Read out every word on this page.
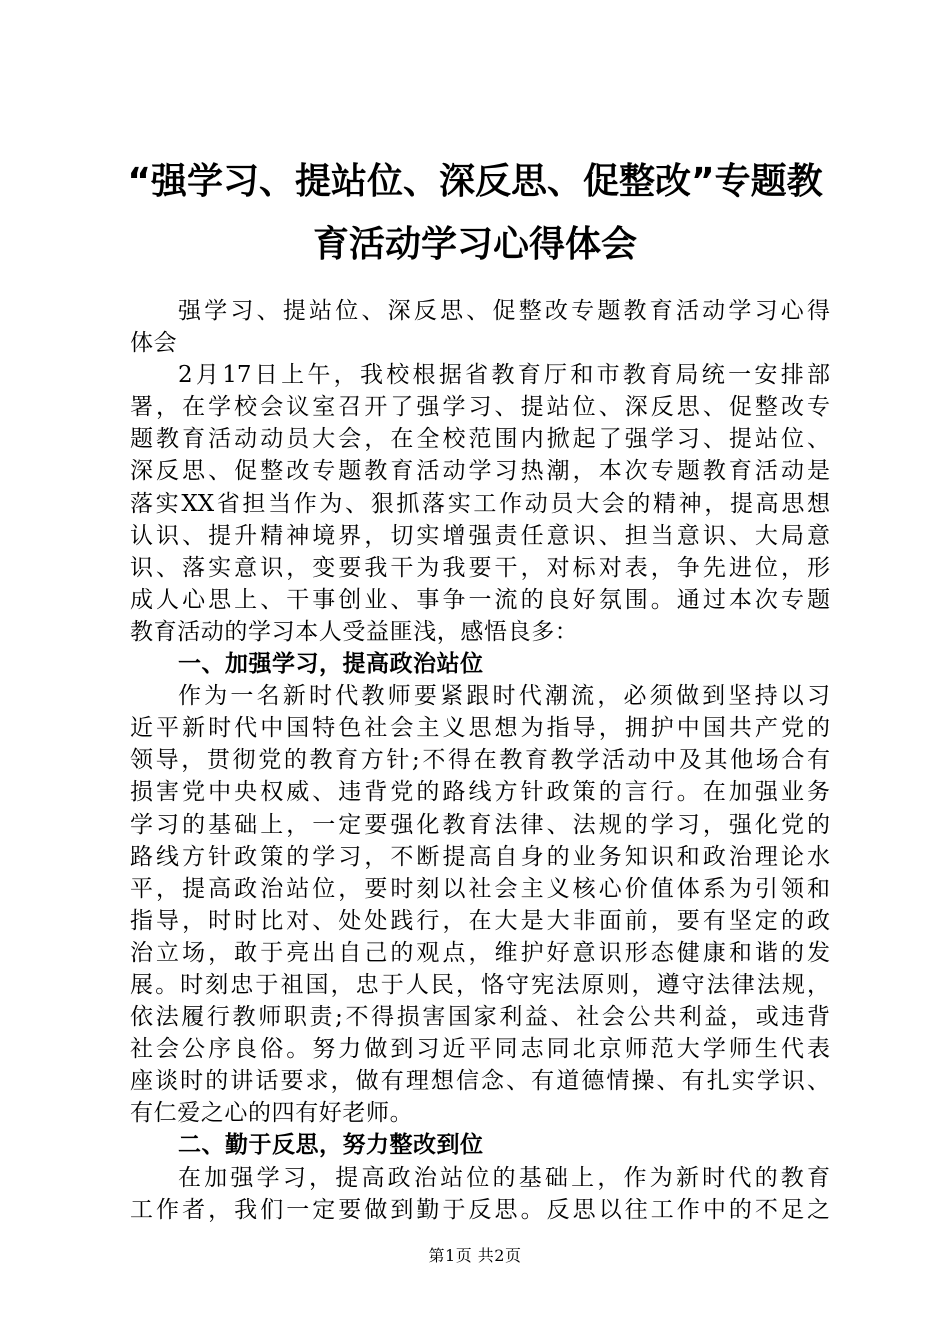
“强学习、提站位、深反思、促整改”专题教
育活动学习心得体会
强学习、提站位、深反思、促整改专题教育活动学习心得
体会
2月17日上午，我校根据省教育厅和市教育局统一安排部
署，在学校会议室召开了强学习、提站位、深反思、促整改专
题教育活动动员大会，在全校范围内掀起了强学习、提站位、
深反思、促整改专题教育活动学习热潮，本次专题教育活动是
落实XX省担当作为、狠抓落实工作动员大会的精神，提高思想
认识、提升精神境界，切实增强责任意识、担当意识、大局意
识、落实意识，变要我干为我要干，对标对表，争先进位，形
成人心思上、干事创业、事争一流的良好氛围。通过本次专题
教育活动的学习本人受益匪浅，感悟良多：
一、加强学习，提高政治站位
作为一名新时代教师要紧跟时代潮流，必须做到坚持以习
近平新时代中国特色社会主义思想为指导，拥护中国共产党的
领导，贯彻党的教育方针;不得在教育教学活动中及其他场合有
损害党中央权威、违背党的路线方针政策的言行。在加强业务
学习的基础上，一定要强化教育法律、法规的学习，强化党的
路线方针政策的学习，不断提高自身的业务知识和政治理论水
平，提高政治站位，要时刻以社会主义核心价值体系为引领和
指导，时时比对、处处践行，在大是大非面前，要有坚定的政
治立场，敢于亮出自己的观点，维护好意识形态健康和谐的发
展。时刻忠于祖国，忠于人民，恪守宪法原则，遵守法律法规，
依法履行教师职责;不得损害国家利益、社会公共利益，或违背
社会公序良俗。努力做到习近平同志同北京师范大学师生代表
座谈时的讲话要求，做有理想信念、有道德情操、有扎实学识、
有仁爱之心的四有好老师。
二、勤于反思，努力整改到位
在加强学习，提高政治站位的基础上，作为新时代的教育
工作者，我们一定要做到勤于反思。反思以往工作中的不足之
第1页 共2页
